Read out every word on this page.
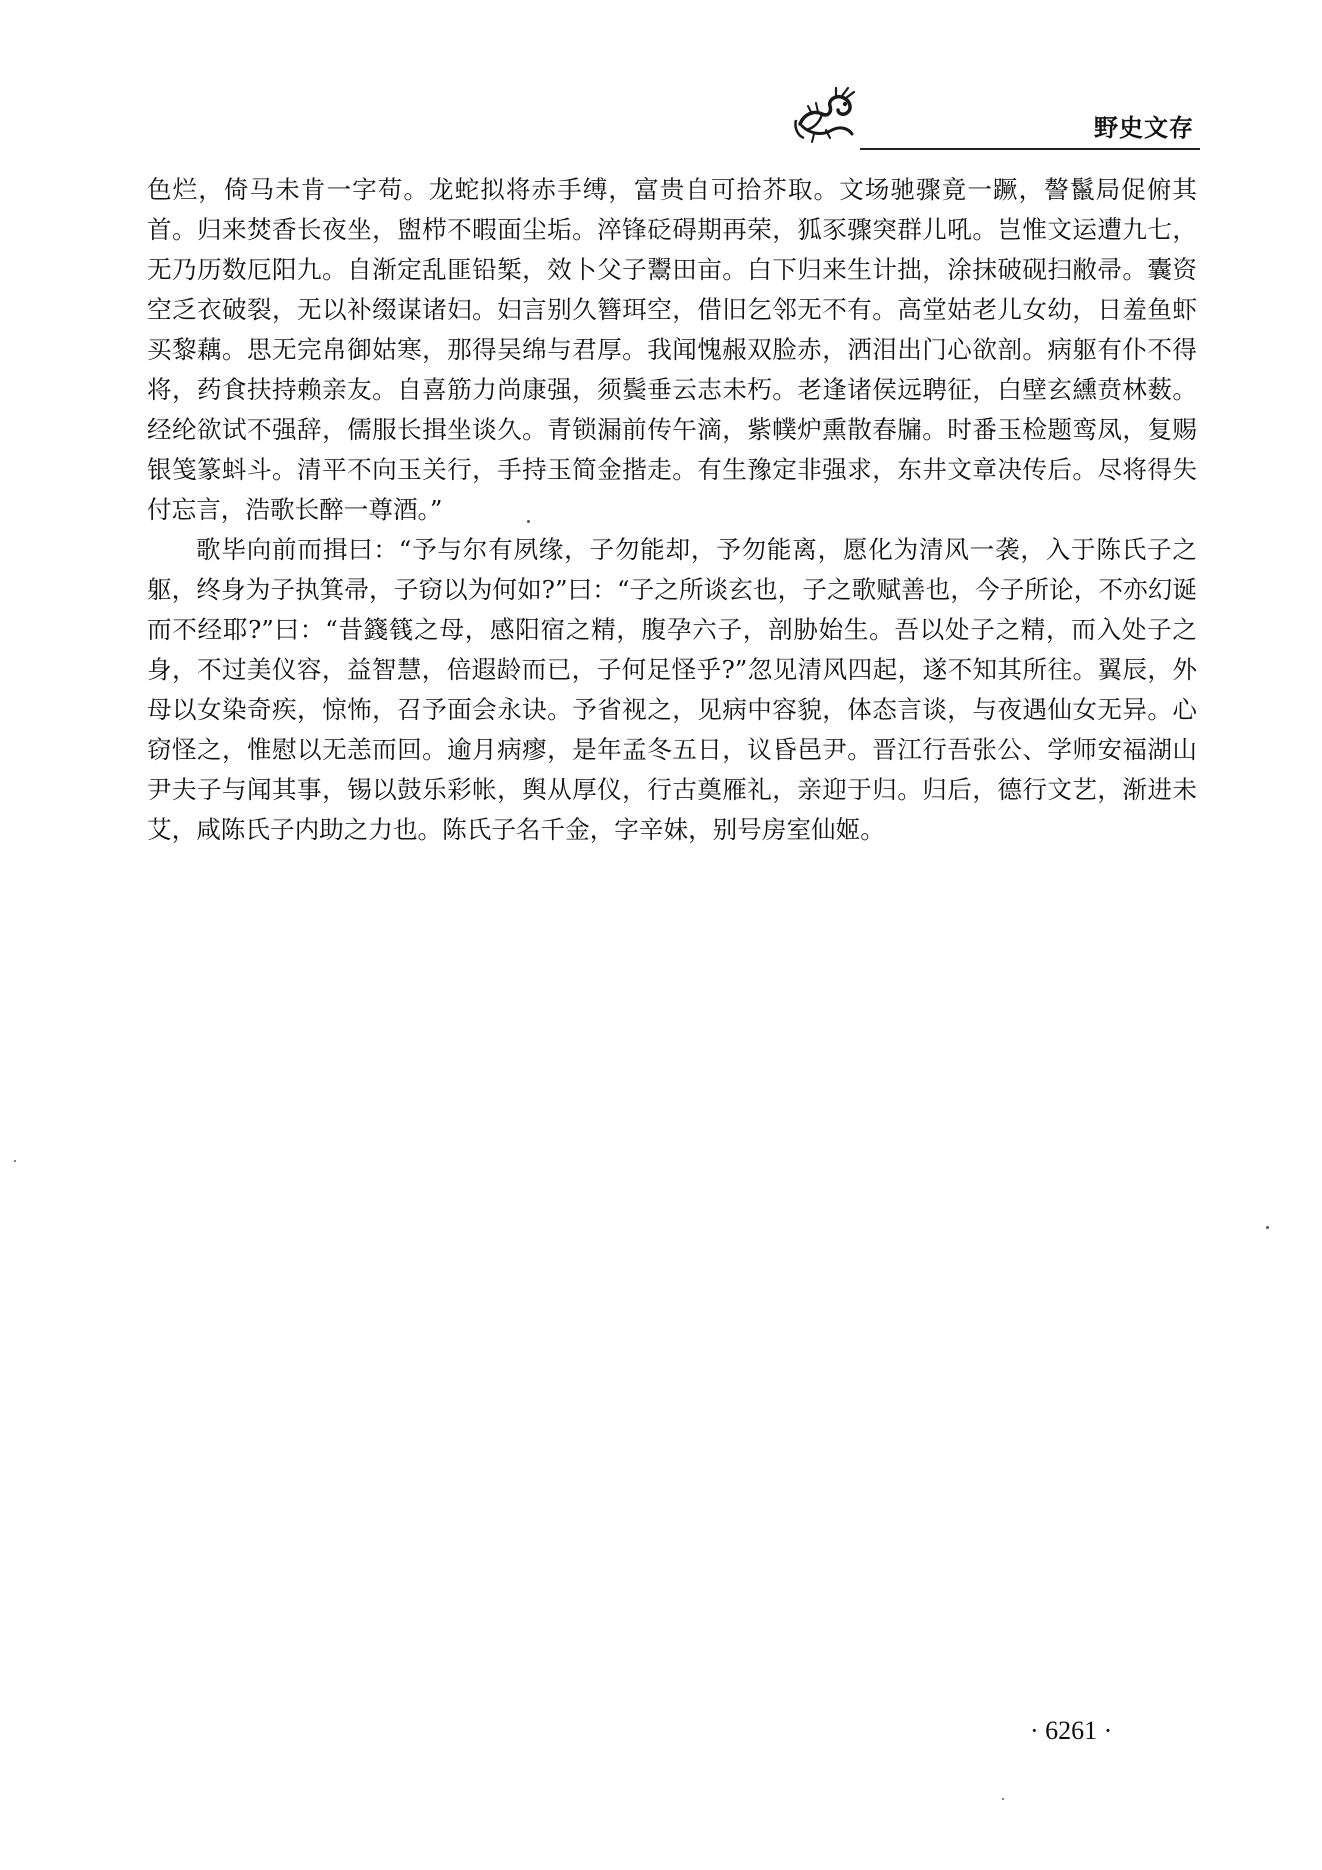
野史文存

色烂，倚马未肯一字苟。龙蛇拟将赤手缚，富贵自可拾芥取。文场驰骤竟一蹶，謷鬣局促俯其首。归来焚香长夜坐，盥栉不暇面尘垢。淬锋砭碍期再荣，狐豕骤突群儿吼。岂惟文运遭九七，无乃历数厄阳九。自渐定乱匪铅椠，效卜父子鬻田亩。白下归来生计拙，涂抹破砚扫敝帚。囊资空乏衣破裂，无以补缀谋诸妇。妇言别久簪珥空，借旧乞邻无不有。高堂姑老儿女幼，日羞鱼虾买黎藕。思无完帛御姑寒，那得吴绵与君厚。我闻愧赧双脸赤，洒泪出门心欲剖。病躯有仆不得将，药食扶持赖亲友。自喜筋力尚康强，须鬓垂云志未朽。老逢诸侯远聘征，白壁玄纁贲林薮。经纶欲试不强辞，儒服长揖坐谈久。青锁漏前传午滴，紫幞炉熏散春牖。时番玉检题鸾凤，复赐银笺篆蚪斗。清平不向玉关行，手持玉简金揩走。有生豫定非强求，东井文章决传后。尽将得失付忘言，浩歌长醉一尊酒。”

歌毕向前而揖曰：“予与尔有夙缘，子勿能却，予勿能离，愿化为清风一袭，入于陈氏子之躯，终身为子执箕帚，子窃以为何如?”曰：“子之所谈玄也，子之歌赋善也，今子所论，不亦幻诞而不经耶?”曰：“昔籛篯之母，感阳宿之精，腹孕六子，剖胁始生。吾以处子之精，而入处子之身，不过美仪容，益智慧，倍遐龄而已，子何足怪乎?”忽见清风四起，遂不知其所往。翼辰，外母以女染奇疾，惊怖，召予面会永诀。予省视之，见病中容貌，体态言谈，与夜遇仙女无异。心窃怪之，惟慰以无恙而回。逾月病瘳，是年孟冬五日，议昏邑尹。晋江行吾张公、学师安福湖山尹夫子与闻其事，锡以鼓乐彩帐，舆从厚仪，行古奠雁礼，亲迎于归。归后，德行文艺，渐进未艾，咸陈氏子内助之力也。陈氏子名千金，字辛妹，别号房室仙姬。

· 6261 ·
